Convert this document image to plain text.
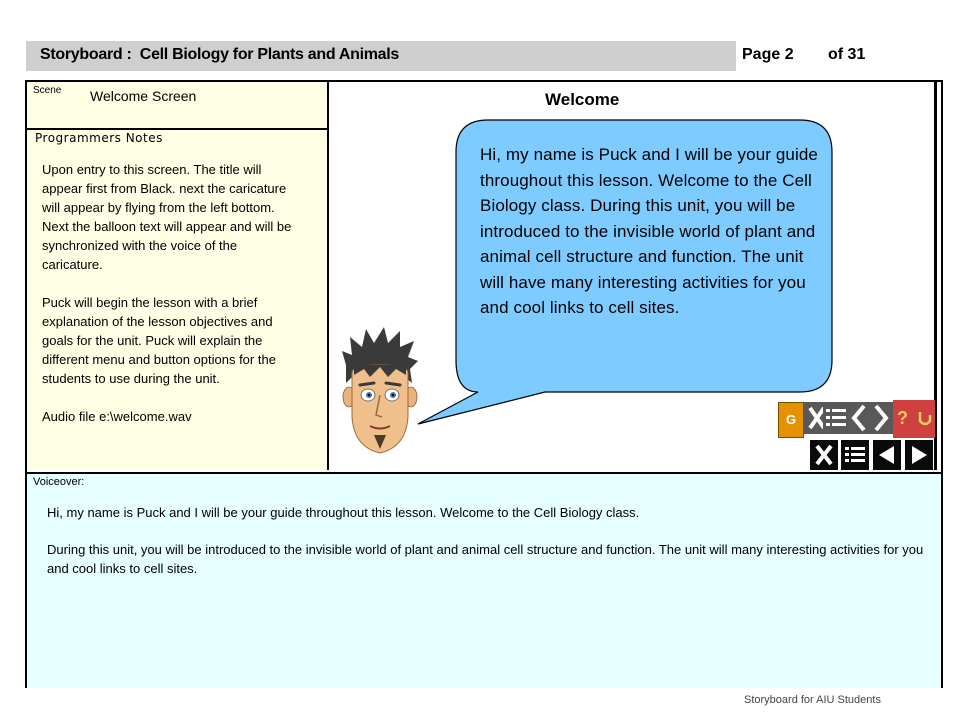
Storyboard :  Cell Biology for Plants and Animals	Page 2 of 31
Scene Welcome Screen
Programmers Notes

Upon entry to this screen. The title will appear first from Black. next the caricature will appear by flying from the left bottom. Next the balloon text will appear and will be synchronized with the voice of the caricature.

Puck will begin the lesson with a brief explanation of the lesson objectives and goals for the unit. Puck will explain the different menu and button options for the students to use during the unit.

Audio file e:\welcome.wav

Welcome
Hi, my name is Puck and I will be your guide throughout this lesson. Welcome to the Cell Biology class. During this unit, you will be introduced to the invisible world of plant and animal cell structure and function. The unit will have many interesting activities for you and cool links to cell sites.
G	?
Voiceover:

Hi, my name is Puck and I will be your guide throughout this lesson. Welcome to the Cell Biology class.

During this unit, you will be introduced to the invisible world of plant and animal cell structure and function. The unit will many interesting activities for you and cool links to cell sites.

Storyboard for AIU Students
